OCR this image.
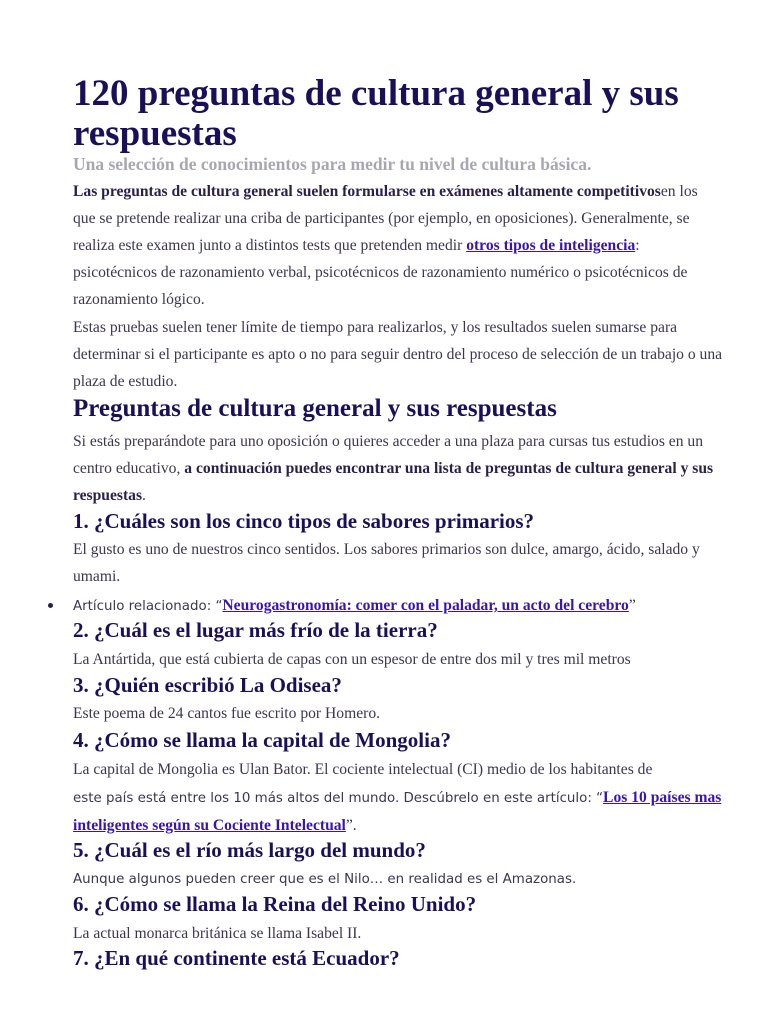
120 preguntas de cultura general y sus respuestas

Una selección de conocimientos para medir tu nivel de cultura básica.

Las preguntas de cultura general suelen formularse en exámenes altamente competitivosen los que se pretende realizar una criba de participantes (por ejemplo, en oposiciones). Generalmente, se realiza este examen junto a distintos tests que pretenden medir otros tipos de inteligencia: psicotécnicos de razonamiento verbal, psicotécnicos de razonamiento numérico o psicotécnicos de razonamiento lógico.

Estas pruebas suelen tener límite de tiempo para realizarlos, y los resultados suelen sumarse para determinar si el participante es apto o no para seguir dentro del proceso de selección de un trabajo o una plaza de estudio.

Preguntas de cultura general y sus respuestas

Si estás preparándote para uno oposición o quieres acceder a una plaza para cursas tus estudios en un centro educativo, a continuación puedes encontrar una lista de preguntas de cultura general y sus respuestas.

1. ¿Cuáles son los cinco tipos de sabores primarios?

El gusto es uno de nuestros cinco sentidos. Los sabores primarios son dulce, amargo, ácido, salado y umami.

Artículo relacionado: “Neurogastronomía: comer con el paladar, un acto del cerebro”

2. ¿Cuál es el lugar más frío de la tierra?

La Antártida, que está cubierta de capas con un espesor de entre dos mil y tres mil metros

3. ¿Quién escribió La Odisea?

Este poema de 24 cantos fue escrito por Homero.

4. ¿Cómo se llama la capital de Mongolia?

La capital de Mongolia es Ulan Bator. El cociente intelectual (CI) medio de los habitantes de

este país está entre los 10 más altos del mundo. Descúbrelo en este artículo: “Los 10 países mas inteligentes según su Cociente Intelectual”.

5. ¿Cuál es el río más largo del mundo?

Aunque algunos pueden creer que es el Nilo… en realidad es el Amazonas.

6. ¿Cómo se llama la Reina del Reino Unido?

La actual monarca británica se llama Isabel II.

7. ¿En qué continente está Ecuador?
